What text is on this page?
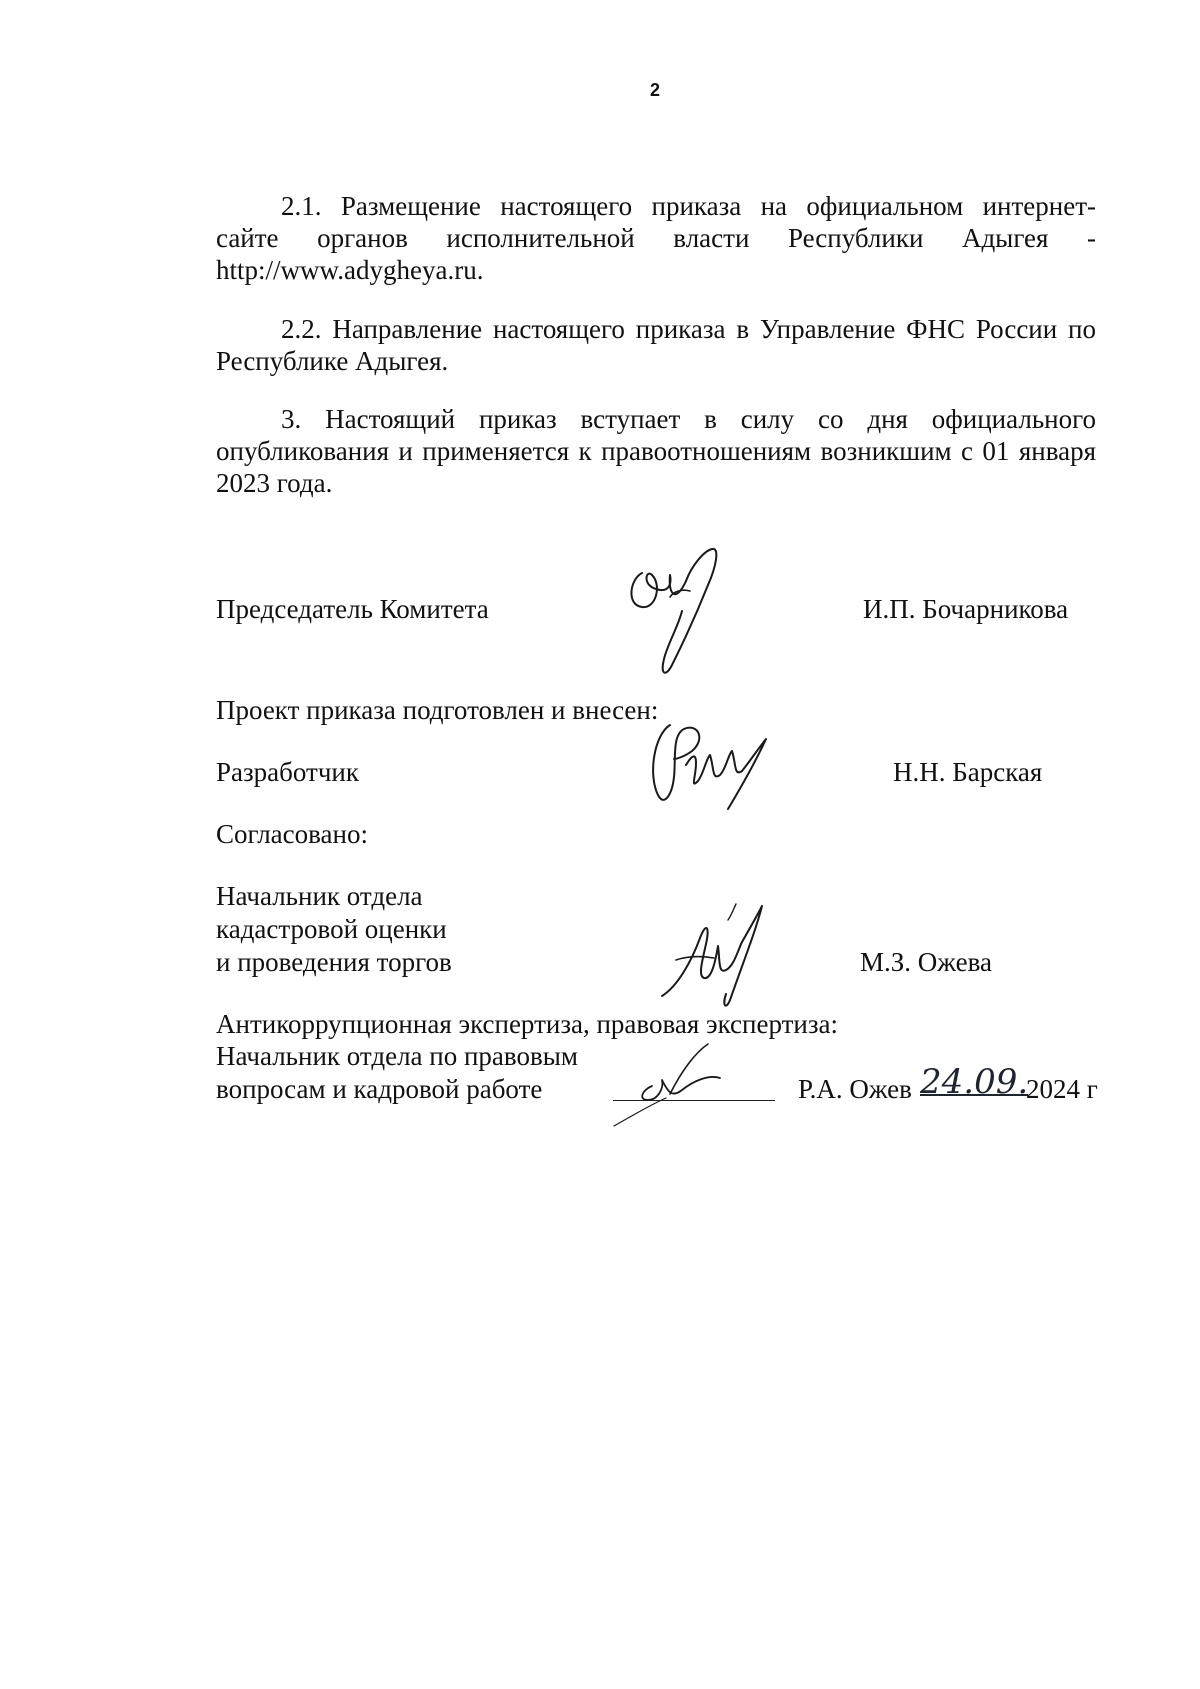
2
2.1. Размещение настоящего приказа на официальном интернет-
сайте органов исполнительной власти Республики Адыгея -
http://www.adygheya.ru.
2.2. Направление настоящего приказа в Управление ФНС России по
Республике Адыгея.
3. Настоящий приказ вступает в силу со дня официального
опубликования и применяется к правоотношениям возникшим с 01 января
2023 года.
Председатель Комитета	И.П. Бочарникова
Проект приказа подготовлен и внесен:
Разработчик	Н.Н. Барская
Согласовано:
Начальник отдела
кадастровой оценки
и проведения торгов	М.З. Ожева
Антикоррупционная экспертиза, правовая экспертиза:
Начальник отдела по правовым
вопросам и кадровой работе	Р.А. Ожев 24.09.
2024 г
